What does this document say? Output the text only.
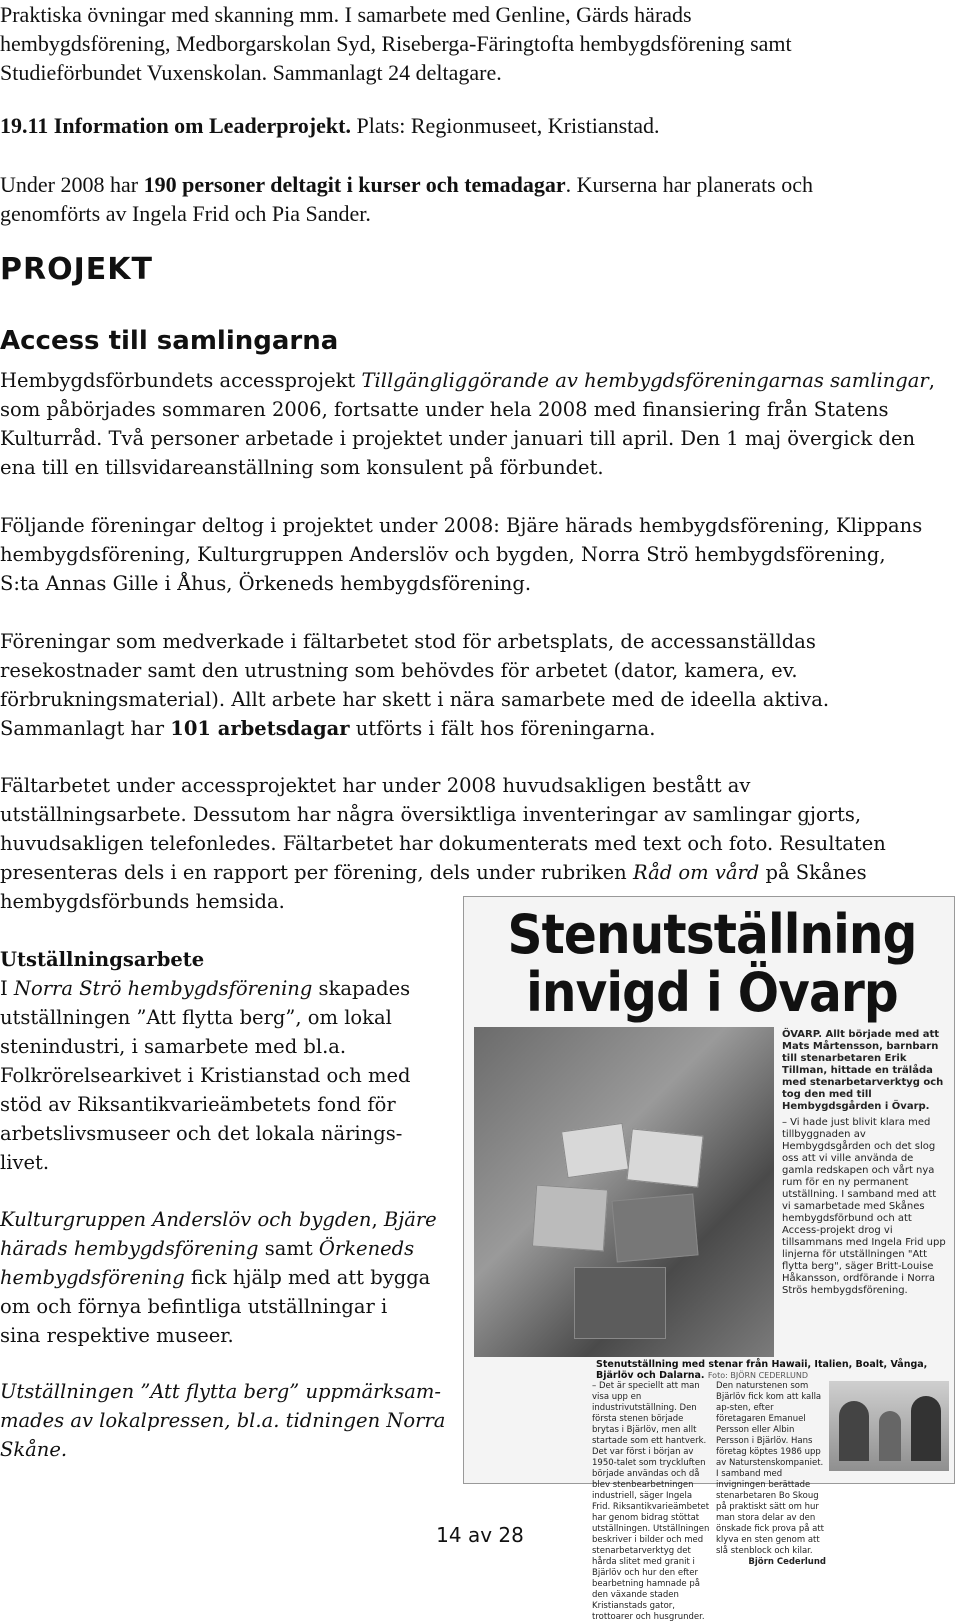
Praktiska övningar med skanning mm. I samarbete med Genline, Gärds härads
hembygdsförening, Medborgarskolan Syd, Riseberga-Färingtofta hembygdsförening samt
Studieförbundet Vuxenskolan. Sammanlagt 24 deltagare.
19.11 Information om Leaderprojekt. Plats: Regionmuseet, Kristianstad.
Under 2008 har 190 personer deltagit i kurser och temadagar. Kurserna har planerats och
genomförts av Ingela Frid och Pia Sander.
PROJEKT
Access till samlingarna
Hembygdsförbundets accessprojekt Tillgängliggörande av hembygdsföreningarnas samlingar,
som påbörjades sommaren 2006, fortsatte under hela 2008 med finansiering från Statens
Kulturråd. Två personer arbetade i projektet under januari till april. Den 1 maj övergick den
ena till en tillsvidareanställning som konsulent på förbundet.
Följande föreningar deltog i projektet under 2008: Bjäre härads hembygdsförening, Klippans
hembygdsförening, Kulturgruppen Anderslöv och bygden, Norra Strö hembygdsförening,
S:ta Annas Gille i Åhus, Örkeneds hembygdsförening.
Föreningar som medverkade i fältarbetet stod för arbetsplats, de accessanställdas
resekostnader samt den utrustning som behövdes för arbetet (dator, kamera, ev.
förbrukningsmaterial). Allt arbete har skett i nära samarbete med de ideella aktiva.
Sammanlagt har 101 arbetsdagar utförts i fält hos föreningarna.
Fältarbetet under accessprojektet har under 2008 huvudsakligen bestått av
utställningsarbete. Dessutom har några översiktliga inventeringar av samlingar gjorts,
huvudsakligen telefonledes. Fältarbetet har dokumenterats med text och foto. Resultaten
presenteras dels i en rapport per förening, dels under rubriken Råd om vård på Skånes
hembygdsförbunds hemsida.
Utställningsarbete
I Norra Strö hembygdsförening skapades
utställningen ”Att flytta berg”, om lokal
stenindustri, i samarbete med bl.a.
Folkrörelsearkivet i Kristianstad och med
stöd av Riksantikvarieämbetets fond för
arbetslivsmuseer och det lokala närings-
livet.
Kulturgruppen Anderslöv och bygden, Bjäre
härads hembygdsförening samt Örkeneds
hembygdsförening fick hjälp med att bygga
om och förnya befintliga utställningar i
sina respektive museer.
Utställningen ”Att flytta berg” uppmärksam-
mades av lokalpressen, bl.a. tidningen Norra
Skåne.
Stenutställning
invigd i Övarp
ÖVARP. Allt började med att Mats Mårtensson, barnbarn till stenarbetaren Erik Tillman, hittade en trälåda med stenarbetarverktyg och tog den med till Hembygdsgården i Övarp.
– Vi hade just blivit klara med tillbyggnaden av Hembygdsgården och det slog oss att vi ville använda de gamla redskapen och vårt nya rum för en ny permanent utställning. I samband med att vi samarbetade med Skånes hembygdsförbund och att Access-projekt drog vi tillsammans med Ingela Frid upp linjerna för utställningen "Att flytta berg", säger Britt-Louise Håkansson, ordförande i Norra Strös hembygdsförening.
Stenutställning med stenar från Hawaii, Italien, Boalt, Vånga, Bjärlöv och Dalarna. Foto: BJÖRN CEDERLUND
– Det är speciellt att man visa upp en industrivutställning. Den första stenen började brytas i Bjärlöv, men allt startade som ett hantverk. Det var först i början av 1950-talet som tryckluften började användas och då blev stenbearbetningen industriell, säger Ingela Frid. Riksantikvarieämbetet har genom bidrag stöttat utställningen. Utställningen beskriver i bilder och med stenarbetarverktyg det hårda slitet med granit i Bjärlöv och hur den efter bearbetning hamnade på den växande staden Kristianstads gator, trottoarer och husgrunder.
Den naturstenen som Bjärlöv fick kom att kalla ap-sten, efter företagaren Emanuel Persson eller Albin Persson i Bjärlöv. Hans företag köptes 1986 upp av Naturstenskompaniet. I samband med invigningen berättade stenarbetaren Bo Skoug på praktiskt sätt om hur man stora delar av den önskade fick prova på att klyva en sten genom att slå stenblock och kilar.
Björn Cederlund
14 av 28
